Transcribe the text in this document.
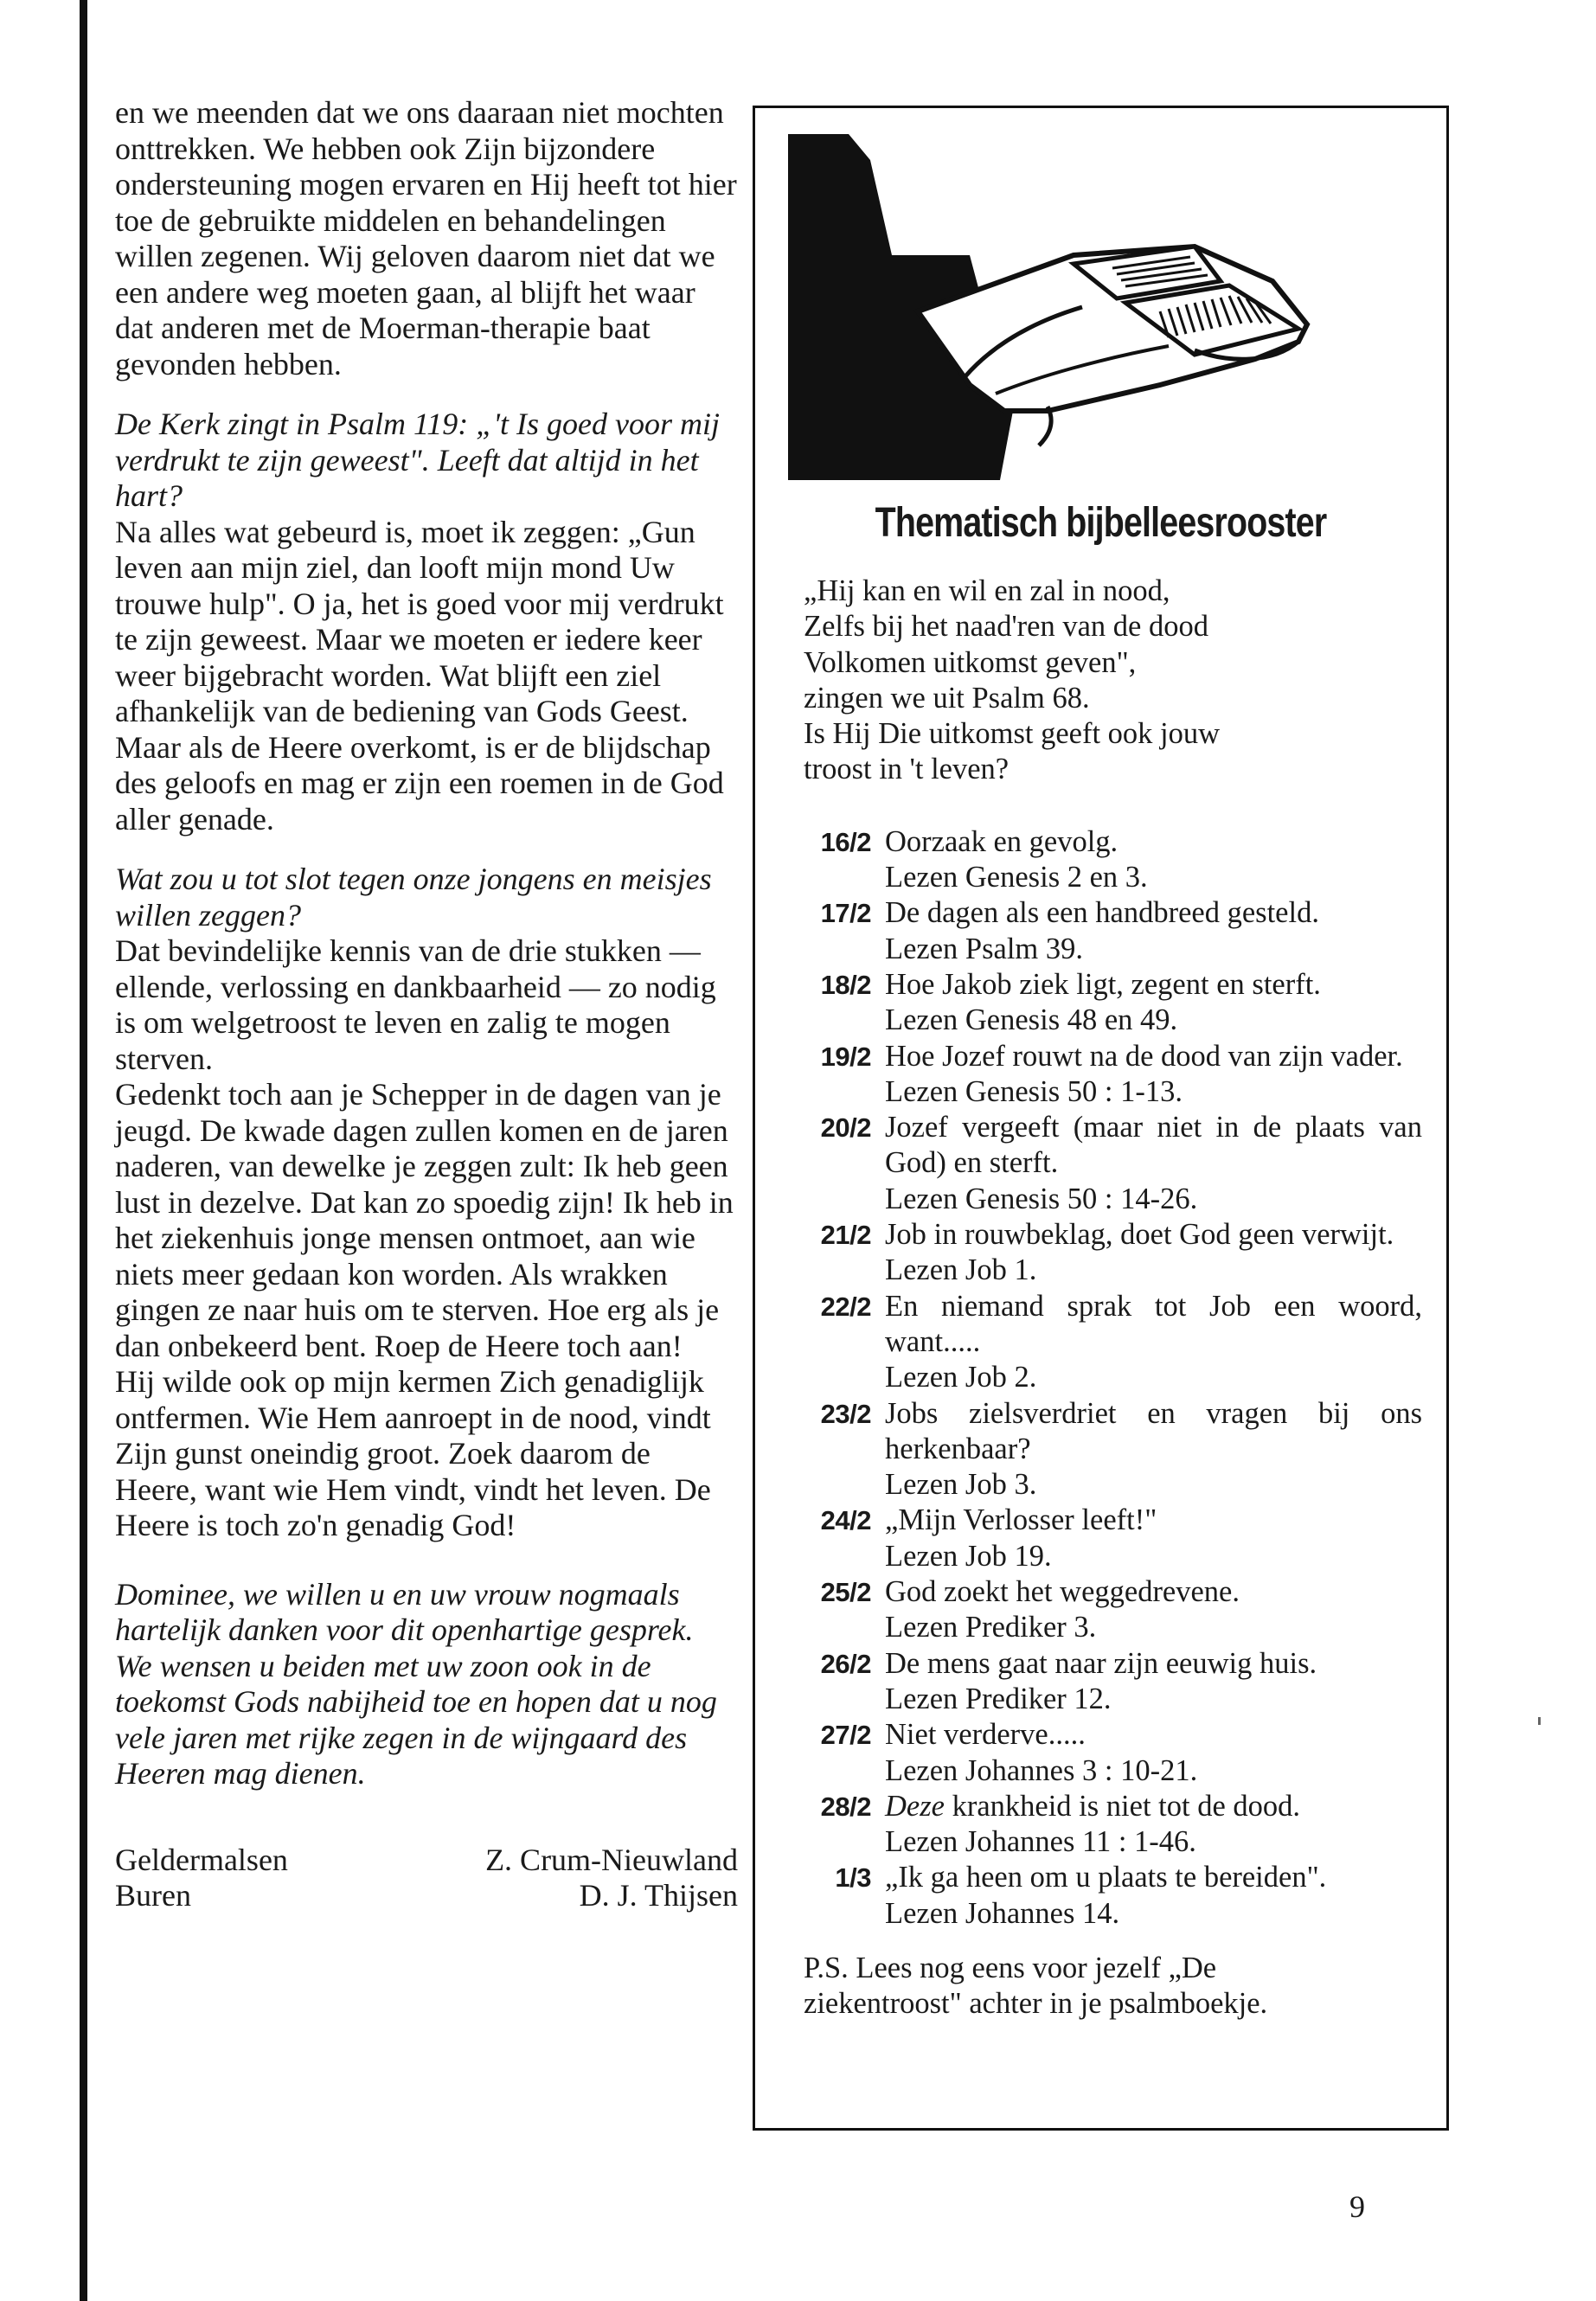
en we meenden dat we ons daaraan niet mochten onttrekken. We hebben ook Zijn bijzondere ondersteuning mogen ervaren en Hij heeft tot hier toe de gebruikte middelen en behandelingen willen zegenen. Wij geloven daarom niet dat we een andere weg moeten gaan, al blijft het waar dat anderen met de Moerman-therapie baat gevonden hebben.

De Kerk zingt in Psalm 119: „'t Is goed voor mij verdrukt te zijn geweest". Leeft dat altijd in het hart?

Na alles wat gebeurd is, moet ik zeggen: „Gun leven aan mijn ziel, dan looft mijn mond Uw trouwe hulp". O ja, het is goed voor mij verdrukt te zijn geweest. Maar we moeten er iedere keer weer bijgebracht worden. Wat blijft een ziel afhankelijk van de bediening van Gods Geest. Maar als de Heere overkomt, is er de blijdschap des geloofs en mag er zijn een roemen in de God aller genade.

Wat zou u tot slot tegen onze jongens en meisjes willen zeggen?

Dat bevindelijke kennis van de drie stukken — ellende, verlossing en dankbaarheid — zo nodig is om welgetroost te leven en zalig te mogen sterven.

Gedenkt toch aan je Schepper in de dagen van je jeugd. De kwade dagen zullen komen en de jaren naderen, van dewelke je zeggen zult: Ik heb geen lust in dezelve. Dat kan zo spoedig zijn! Ik heb in het ziekenhuis jonge mensen ontmoet, aan wie niets meer gedaan kon worden. Als wrakken gingen ze naar huis om te sterven. Hoe erg als je dan onbekeerd bent. Roep de Heere toch aan!

Hij wilde ook op mijn kermen Zich genadiglijk ontfermen. Wie Hem aanroept in de nood, vindt Zijn gunst oneindig groot. Zoek daarom de Heere, want wie Hem vindt, vindt het leven. De Heere is toch zo'n genadig God!

Dominee, we willen u en uw vrouw nogmaals hartelijk danken voor dit openhartige gesprek. We wensen u beiden met uw zoon ook in de toekomst Gods nabijheid toe en hopen dat u nog vele jaren met rijke zegen in de wijngaard des Heeren mag dienen.

Geldermalsen	Z. Crum-Nieuwland
Buren	D. J. Thijsen
Thematisch bijbelleesrooster

„Hij kan en wil en zal in nood,

Zelfs bij het naad'ren van de dood

Volkomen uitkomst geven",

zingen we uit Psalm 68.

Is Hij Die uitkomst geeft ook jouw

troost in 't leven?

16/2 Oorzaak en gevolg.

Lezen Genesis 2 en 3.

17/2 De dagen als een handbreed gesteld.

Lezen Psalm 39.

18/2 Hoe Jakob ziek ligt, zegent en sterft.

Lezen Genesis 48 en 49.

19/2 Hoe Jozef rouwt na de dood van zijn vader.

Lezen Genesis 50 : 1-13.

20/2 Jozef vergeeft (maar niet in de plaats van God) en sterft.

Lezen Genesis 50 : 14-26.

21/2 Job in rouwbeklag, doet God geen verwijt.

Lezen Job 1.

22/2 En niemand sprak tot Job een woord, want.....

Lezen Job 2.

23/2 Jobs zielsverdriet en vragen bij ons herkenbaar?

Lezen Job 3.

24/2 „Mijn Verlosser leeft!"

Lezen Job 19.

25/2 God zoekt het weggedrevene.

Lezen Prediker 3.

26/2 De mens gaat naar zijn eeuwig huis.

Lezen Prediker 12.

27/2 Niet verderve.....

Lezen Johannes 3 : 10-21.

28/2 Deze krankheid is niet tot de dood.

Lezen Johannes 11 : 1-46.

1/3 „Ik ga heen om u plaats te bereiden".

Lezen Johannes 14.

P.S. Lees nog eens voor jezelf „De

ziekentroost" achter in je psalmboekje.

9
